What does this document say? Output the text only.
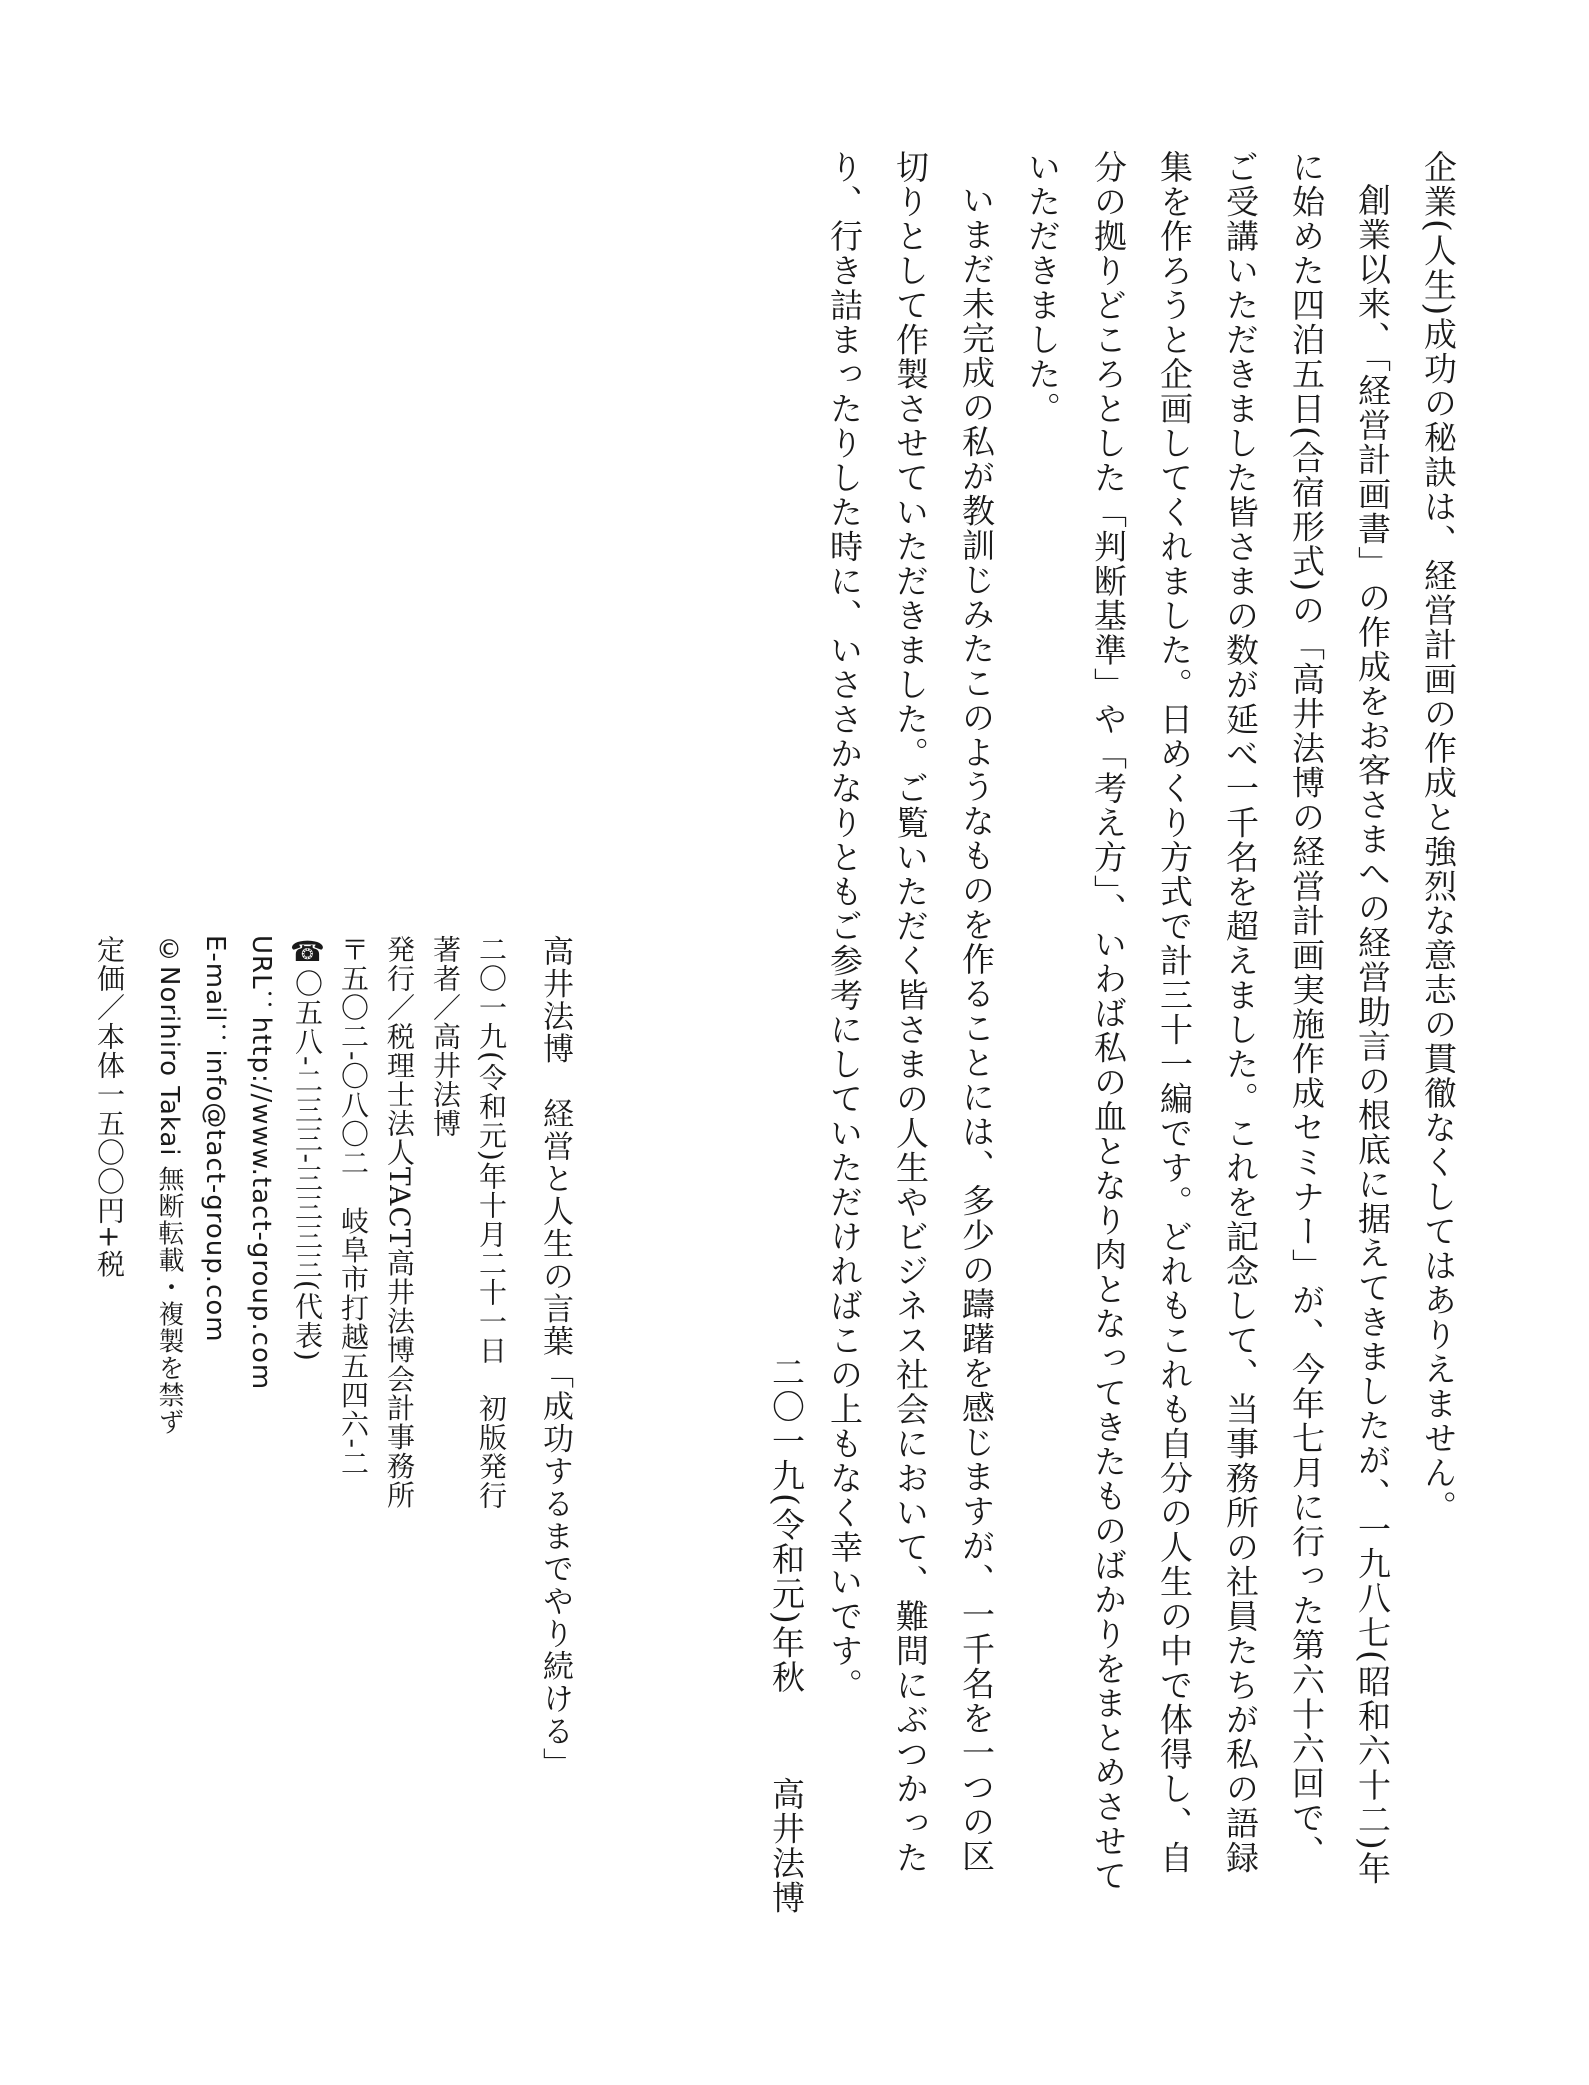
企業(人生)成功の秘訣は、経営計画の作成と強烈な意志の貫徹なくしてはありえません。

創業以来、「経営計画書」の作成をお客さまへの経営助言の根底に据えてきましたが、一九八七(昭和六十二)年に始めた四泊五日(合宿形式)の「高井法博の経営計画実施作成セミナー」が、今年七月に行った第六十六回で、ご受講いただきました皆さまの数が延べ一千名を超えました。これを記念して、当事務所の社員たちが私の語録集を作ろうと企画してくれました。日めくり方式で計三十一編です。どれもこれも自分の人生の中で体得し、自分の拠りどころとした「判断基準」や「考え方」、いわば私の血となり肉となってきたものばかりをまとめさせていただきました。

いまだ未完成の私が教訓じみたこのようなものを作ることには、多少の躊躇を感じますが、一千名を一つの区切りとして作製させていただきました。ご覧いただく皆さまの人生やビジネス社会において、難問にぶつかったり、行き詰まったりした時に、いささかなりともご参考にしていただければこの上もなく幸いです。

二〇一九(令和元)年秋
高井法博
高井法博　経営と人生の言葉「成功するまでやり続ける」
二〇一九(令和元)年十月二十一日　初版発行
著者／高井法博
発行／税理士法人TACT高井法博会計事務所
〒五〇二-〇八〇二　岐阜市打越五四六-二
☎〇五八-二三三-三三三三(代表)
URL：http://www.tact-group.com
E-mail：info@tact-group.com
©Norihiro Takai 無断転載・複製を禁ず
定価／本体一五〇〇円+税
